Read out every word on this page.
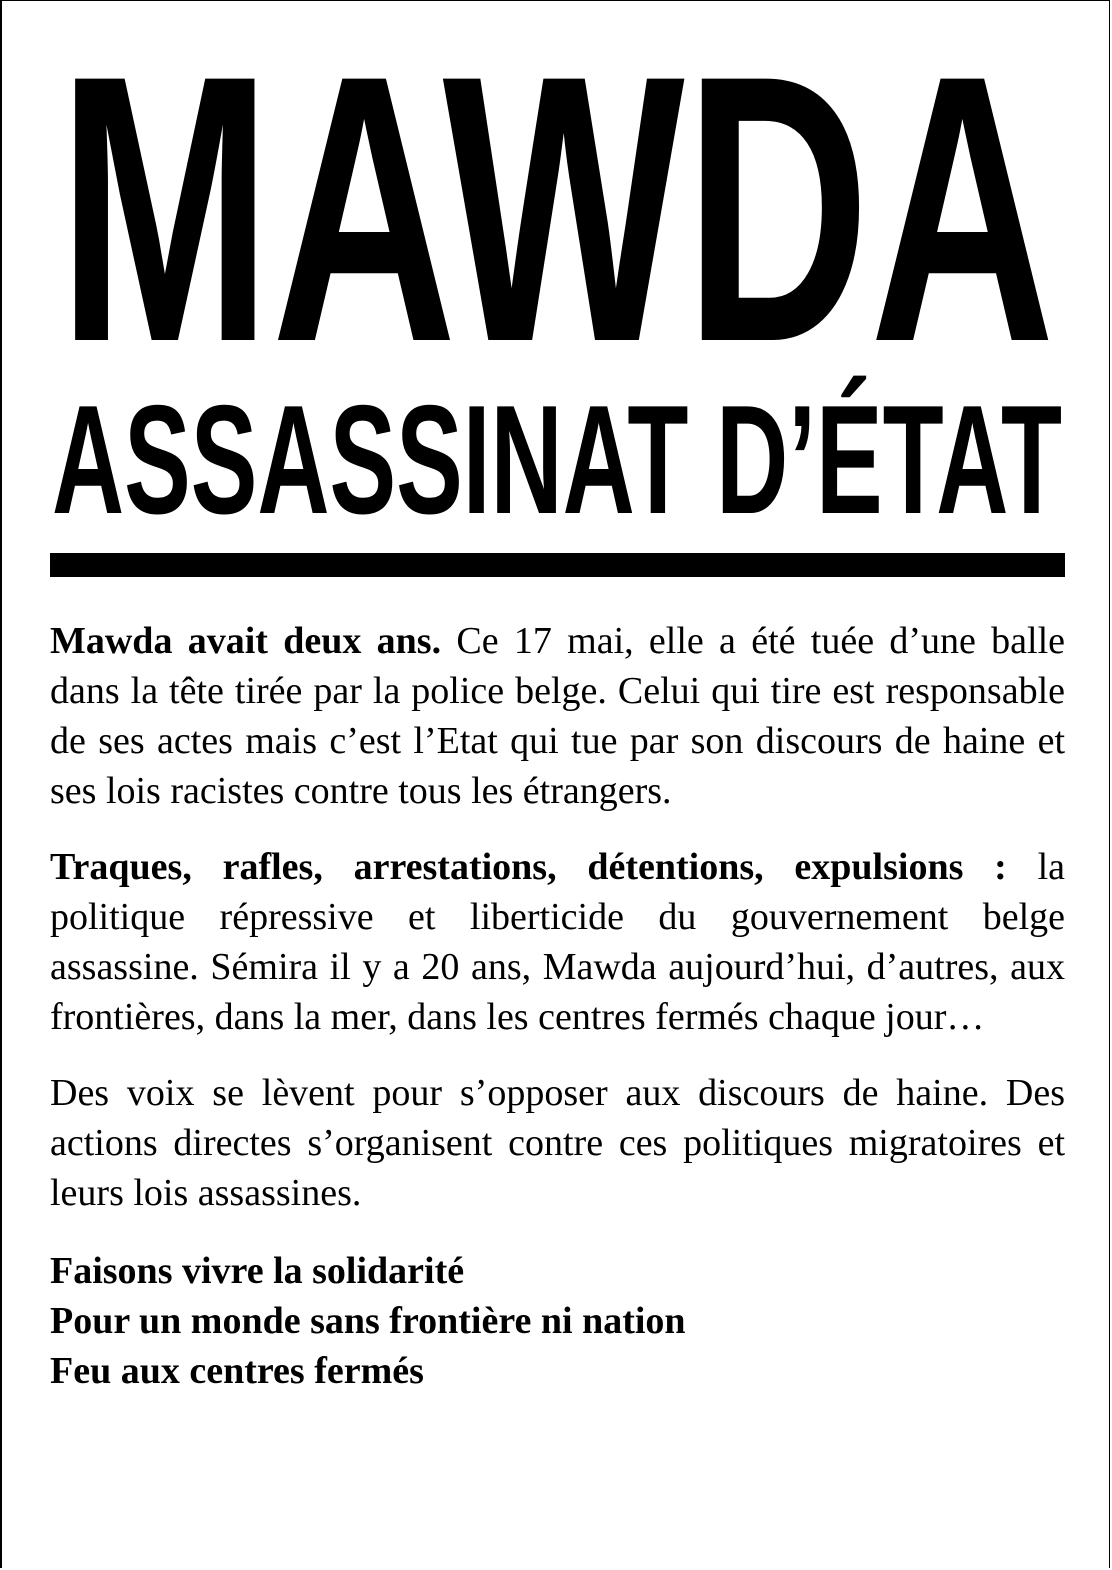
MAWDA
ASSASSINAT D’ÉTAT

Mawda avait deux ans. Ce 17 mai, elle a été tuée d’une balle dans la tête tirée par la police belge. Celui qui tire est responsable de ses actes mais c’est l’Etat qui tue par son discours de haine et ses lois racistes contre tous les étrangers.

Traques, rafles, arrestations, détentions, expulsions : la politique répressive et liberticide du gouvernement belge assassine. Sémira il y a 20 ans, Mawda aujourd’hui, d’autres, aux frontières, dans la mer, dans les centres fermés chaque jour…

Des voix se lèvent pour s’opposer aux discours de haine. Des actions directes s’organisent contre ces politiques migratoires et leurs lois assassines.

Faisons vivre la solidarité
Pour un monde sans frontière ni nation
Feu aux centres fermés
